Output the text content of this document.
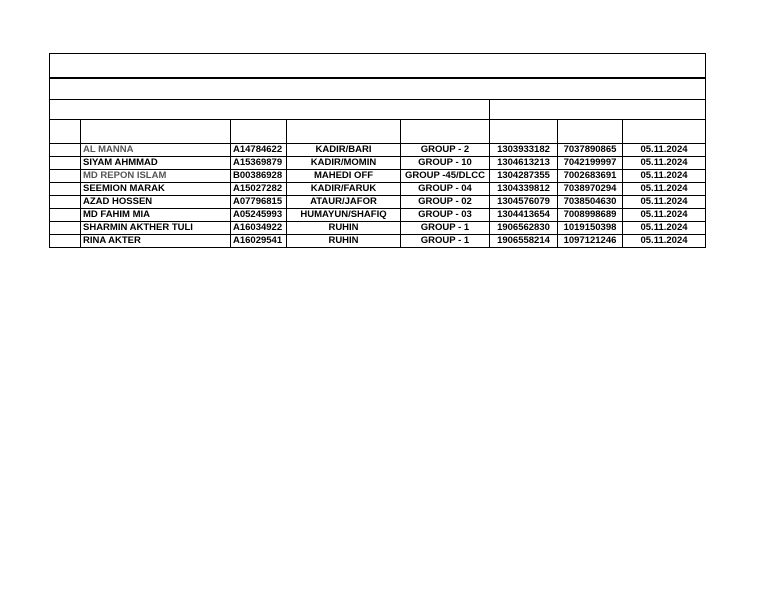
	AL MANNA	A14784622	KADIR/BARI	GROUP - 2	1303933182	7037890865	05.11.2024
	SIYAM AHMMAD	A15369879	KADIR/MOMIN	GROUP - 10	1304613213	7042199997	05.11.2024
	MD REPON ISLAM	B00386928	MAHEDI OFF	GROUP -45/DLCC	1304287355	7002683691	05.11.2024
	SEEMION MARAK	A15027282	KADIR/FARUK	GROUP - 04	1304339812	7038970294	05.11.2024
	AZAD HOSSEN	A07796815	ATAUR/JAFOR	GROUP - 02	1304576079	7038504630	05.11.2024
	MD FAHIM MIA	A05245993	HUMAYUN/SHAFIQ	GROUP - 03	1304413654	7008998689	05.11.2024
	SHARMIN AKTHER TULI	A16034922	RUHIN	GROUP - 1	1906562830	1019150398	05.11.2024
	RINA AKTER	A16029541	RUHIN	GROUP - 1	1906558214	1097121246	05.11.2024
